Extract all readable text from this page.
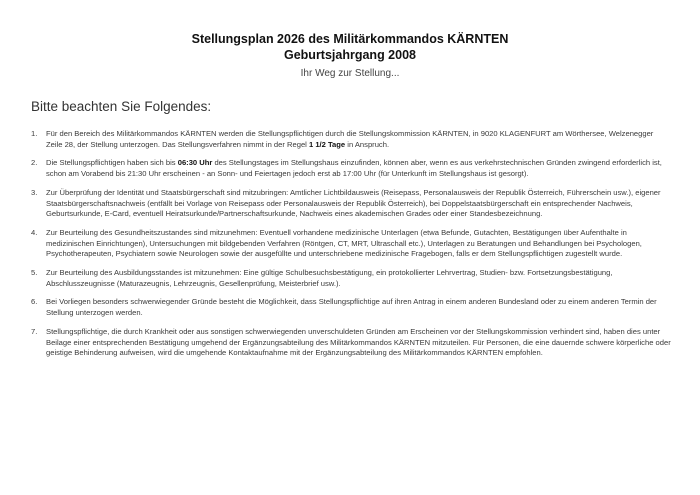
Stellungsplan 2026 des Militärkommandos KÄRNTEN
Geburtsjahrgang 2008
Ihr Weg zur Stellung...
Bitte beachten Sie Folgendes:
1.	Für den Bereich des Militärkommandos KÄRNTEN werden die Stellungspflichtigen durch die Stellungskommission KÄRNTEN, in 9020 KLAGENFURT am Wörthersee, Welzenegger Zeile 28, der Stellung unterzogen. Das Stellungsverfahren nimmt in der Regel 1 1/2 Tage in Anspruch.
2.	Die Stellungspflichtigen haben sich bis 06:30 Uhr des Stellungstages im Stellungshaus einzufinden, können aber, wenn es aus verkehrstechnischen Gründen zwingend erforderlich ist, schon am Vorabend bis 21:30 Uhr erscheinen - an Sonn- und Feiertagen jedoch erst ab 17:00 Uhr (für Unterkunft im Stellungshaus ist gesorgt).
3.	Zur Überprüfung der Identität und Staatsbürgerschaft sind mitzubringen: Amtlicher Lichtbildausweis (Reisepass, Personalausweis der Republik Österreich, Führerschein usw.), eigener Staatsbürgerschaftsnachweis (entfällt bei Vorlage von Reisepass oder Personalausweis der Republik Österreich), bei Doppelstaatsbürgerschaft ein entsprechender Nachweis, Geburtsurkunde, E-Card, eventuell Heiratsurkunde/Partnerschaftsurkunde, Nachweis eines akademischen Grades oder einer Standesbezeichnung.
4.	Zur Beurteilung des Gesundheitszustandes sind mitzunehmen: Eventuell vorhandene medizinische Unterlagen (etwa Befunde, Gutachten, Bestätigungen über Aufenthalte in medizinischen Einrichtungen), Untersuchungen mit bildgebenden Verfahren (Röntgen, CT, MRT, Ultraschall etc.), Unterlagen zu Beratungen und Behandlungen bei Psychologen, Psychotherapeuten, Psychiatern sowie Neurologen sowie der ausgefüllte und unterschriebene medizinische Fragebogen, falls er dem Stellungspflichtigen zugestellt wurde.
5.	Zur Beurteilung des Ausbildungsstandes ist mitzunehmen: Eine gültige Schulbesuchsbestätigung, ein protokollierter Lehrvertrag, Studien- bzw. Fortsetzungsbestätigung, Abschlusszeugnisse (Maturazeugnis, Lehrzeugnis, Gesellenprüfung, Meisterbrief usw.).
6.	Bei Vorliegen besonders schwerwiegender Gründe besteht die Möglichkeit, dass Stellungspflichtige auf ihren Antrag in einem anderen Bundesland oder zu einem anderen Termin der Stellung unterzogen werden.
7.	Stellungspflichtige, die durch Krankheit oder aus sonstigen schwerwiegenden unverschuldeten Gründen am Erscheinen vor der Stellungskommission verhindert sind, haben dies unter Beilage einer entsprechenden Bestätigung umgehend der Ergänzungsabteilung des Militärkommandos KÄRNTEN mitzuteilen. Für Personen, die eine dauernde schwere körperliche oder geistige Behinderung aufweisen, wird die umgehende Kontaktaufnahme mit der Ergänzungsabteilung des Militärkommandos KÄRNTEN empfohlen.
